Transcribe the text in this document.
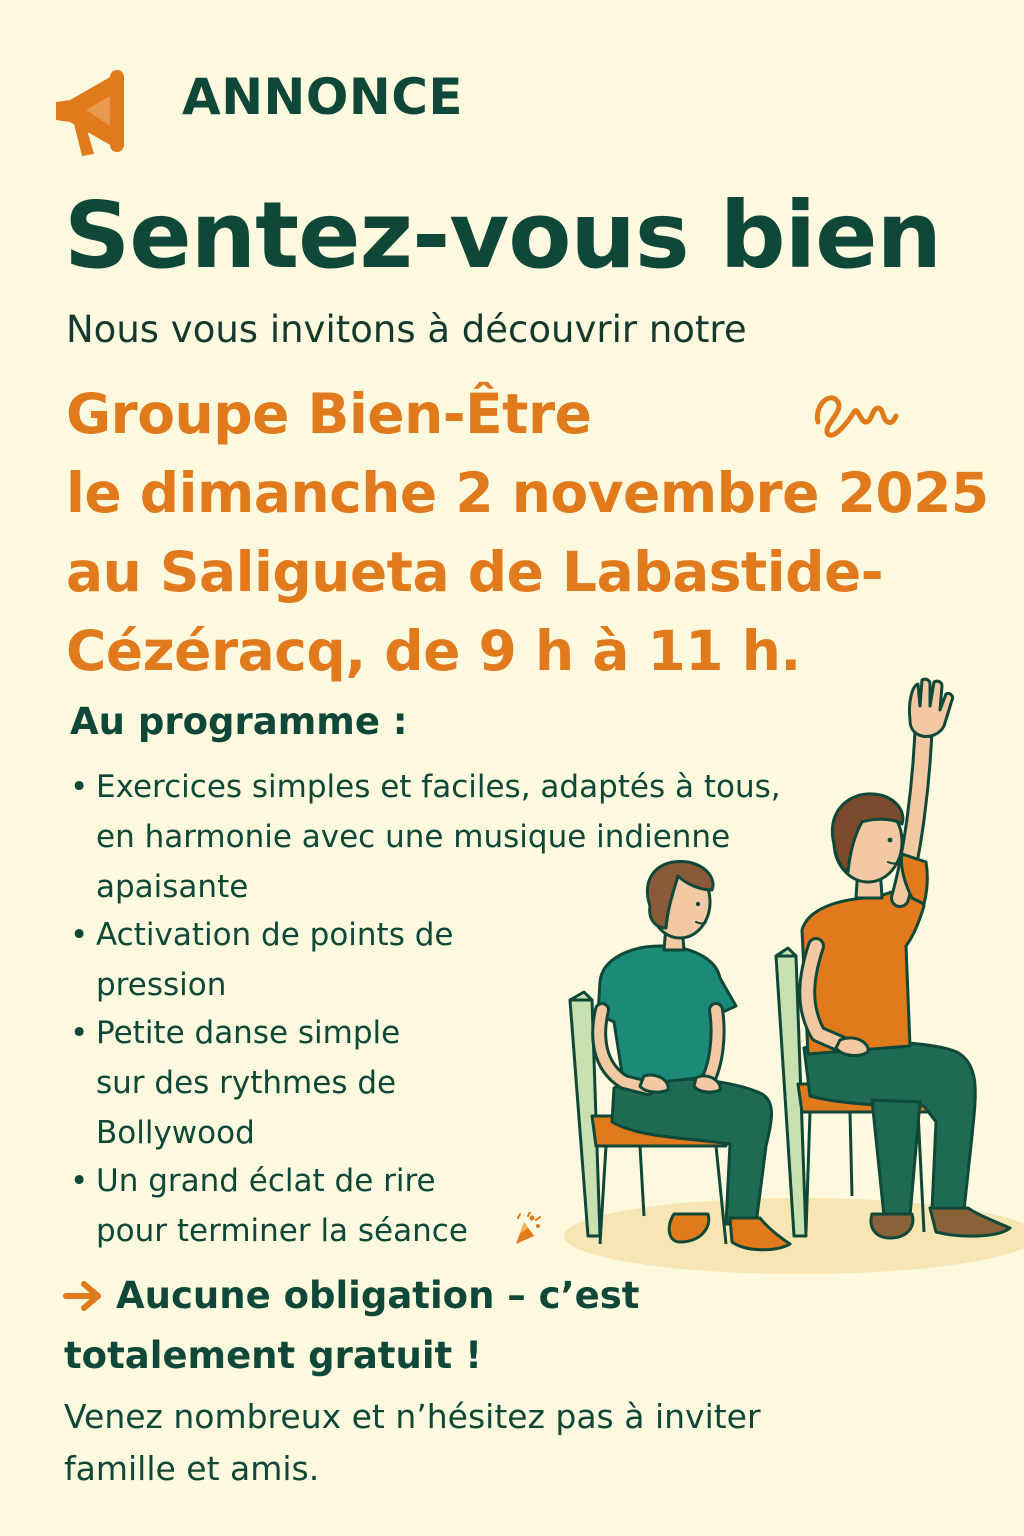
ANNONCE
Sentez-vous bien
Nous vous invitons à découvrir notre
Groupe Bien-Être
le dimanche 2 novembre 2025
au Saligueta de Labastide-
Cézéracq, de 9 h à 11 h.
Au programme :
• Exercices simples et faciles, adaptés à tous,
en harmonie avec une musique indienne
apaisante
• Activation de points de
pression
• Petite danse simple
sur des rythmes de
Bollywood
• Un grand éclat de rire
pour terminer la séance
Aucune obligation – c’est
totalement gratuit !
Venez nombreux et n’hésitez pas à inviter
famille et amis.
